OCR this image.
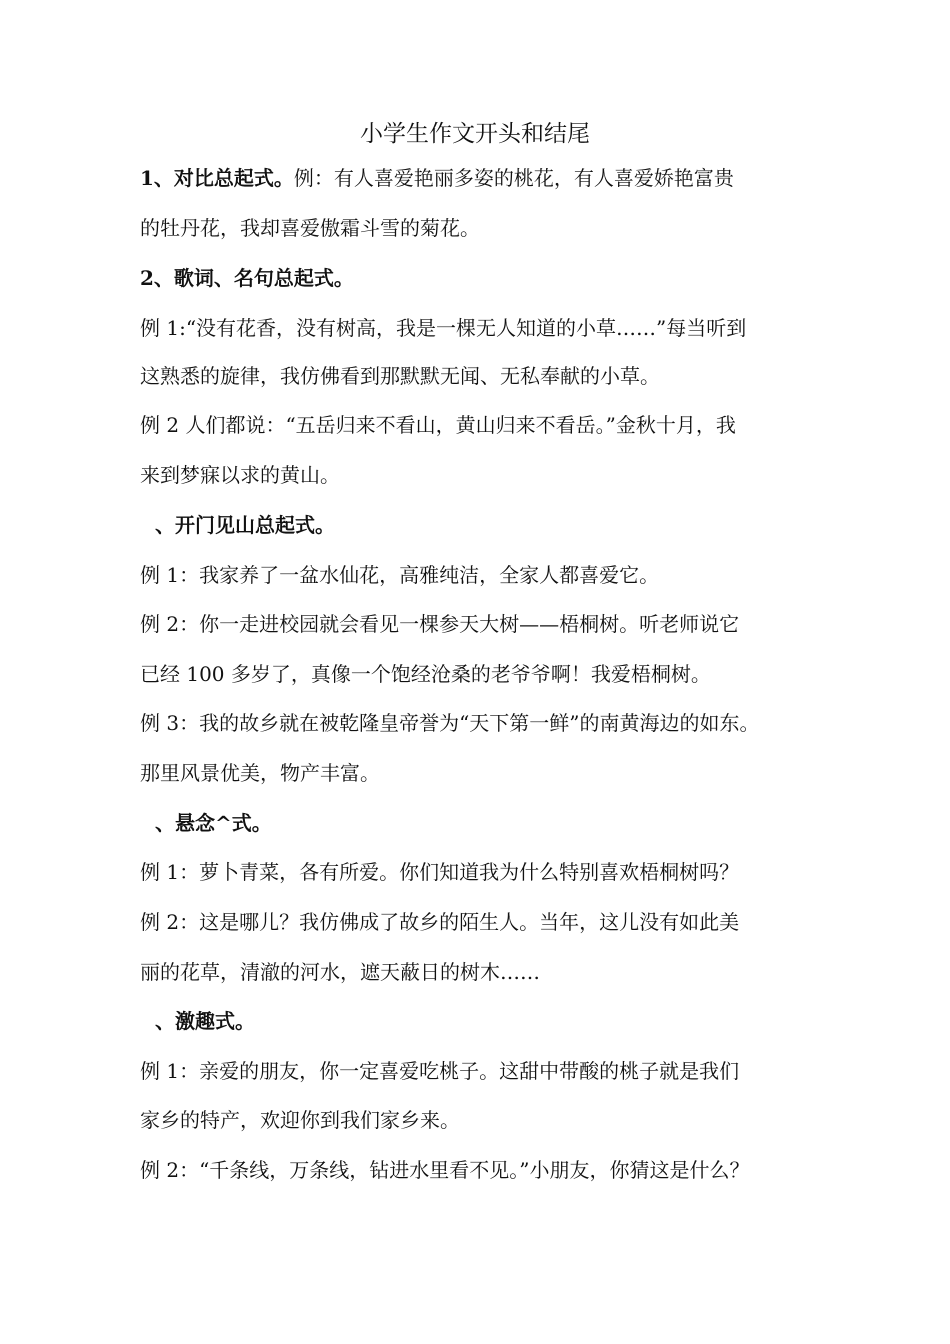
小学生作文开头和结尾
1、对比总起式。例：有人喜爱艳丽多姿的桃花，有人喜爱娇艳富贵
的牡丹花，我却喜爱傲霜斗雪的菊花。
2、歌词、名句总起式。
例 1:“没有花香，没有树高，我是一棵无人知道的小草……”每当听到
这熟悉的旋律，我仿佛看到那默默无闻、无私奉献的小草。
例 2 人们都说：“五岳归来不看山，黄山归来不看岳。”金秋十月，我
来到梦寐以求的黄山。
、开门见山总起式。
例 1：我家养了一盆水仙花，高雅纯洁，全家人都喜爱它。
例 2：你一走进校园就会看见一棵参天大树——梧桐树。听老师说它
已经 100 多岁了，真像一个饱经沧桑的老爷爷啊！我爱梧桐树。
例 3：我的故乡就在被乾隆皇帝誉为“天下第一鲜”的南黄海边的如东。
那里风景优美，物产丰富。
、悬念^式。
例 1：萝卜青菜，各有所爱。你们知道我为什么特别喜欢梧桐树吗？
例 2：这是哪儿？我仿佛成了故乡的陌生人。当年，这儿没有如此美
丽的花草，清澈的河水，遮天蔽日的树木……
、激趣式。
例 1：亲爱的朋友，你一定喜爱吃桃子。这甜中带酸的桃子就是我们
家乡的特产，欢迎你到我们家乡来。
例 2：“千条线，万条线，钻进水里看不见。”小朋友，你猜这是什么？
